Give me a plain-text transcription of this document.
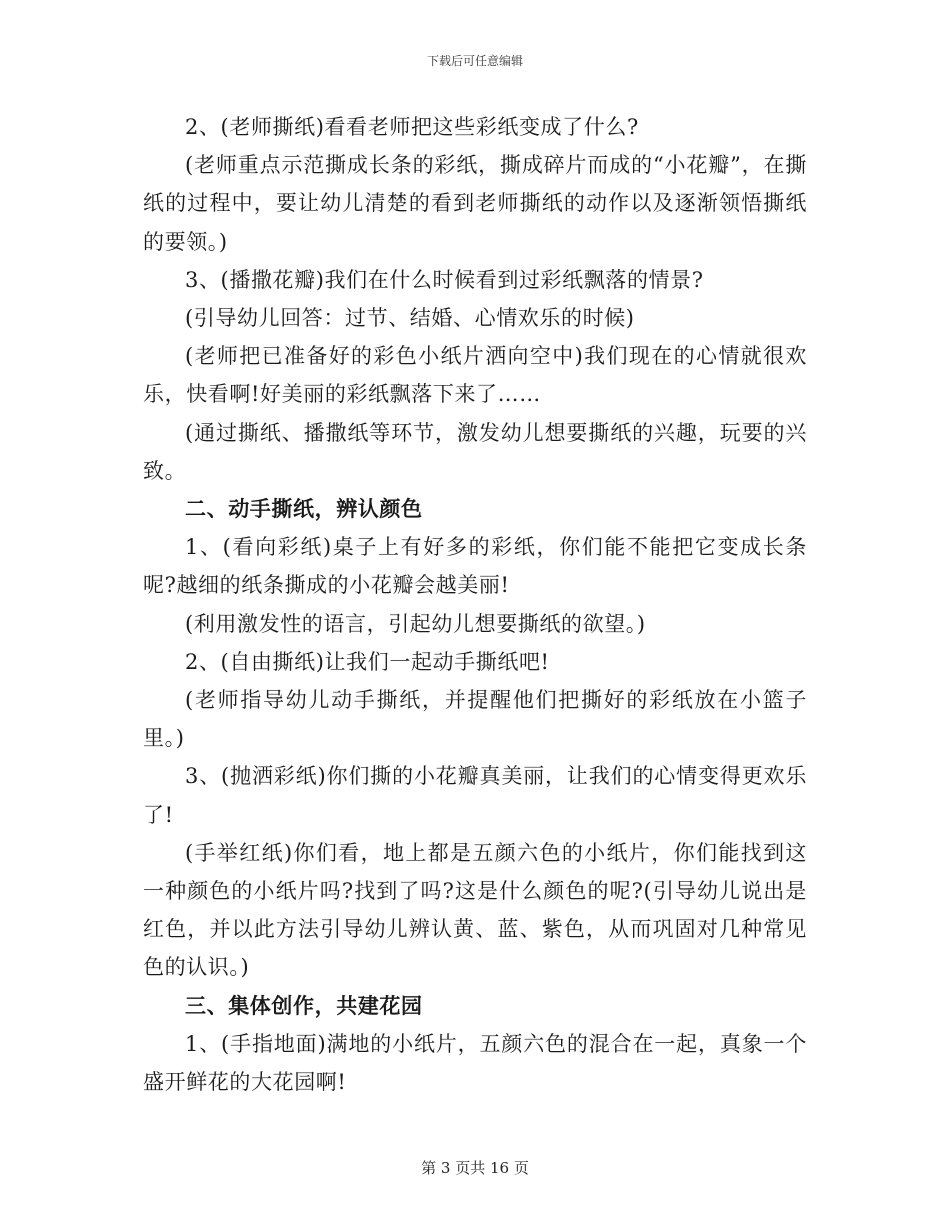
下载后可任意编辑

2、(老师撕纸)看看老师把这些彩纸变成了什么?

(老师重点示范撕成长条的彩纸，撕成碎片而成的“小花瓣”，在撕纸的过程中，要让幼儿清楚的看到老师撕纸的动作以及逐渐领悟撕纸的要领。)

3、(播撒花瓣)我们在什么时候看到过彩纸飘落的情景?

(引导幼儿回答：过节、结婚、心情欢乐的时候)

(老师把已准备好的彩色小纸片洒向空中)我们现在的心情就很欢乐，快看啊!好美丽的彩纸飘落下来了……

(通过撕纸、播撒纸等环节，激发幼儿想要撕纸的兴趣，玩要的兴致。

二、动手撕纸，辨认颜色

1、(看向彩纸)桌子上有好多的彩纸，你们能不能把它变成长条呢?越细的纸条撕成的小花瓣会越美丽!

(利用激发性的语言，引起幼儿想要撕纸的欲望。)

2、(自由撕纸)让我们一起动手撕纸吧!

(老师指导幼儿动手撕纸，并提醒他们把撕好的彩纸放在小篮子里。)

3、(抛洒彩纸)你们撕的小花瓣真美丽，让我们的心情变得更欢乐了!

(手举红纸)你们看，地上都是五颜六色的小纸片，你们能找到这一种颜色的小纸片吗?找到了吗?这是什么颜色的呢?(引导幼儿说出是红色，并以此方法引导幼儿辨认黄、蓝、紫色，从而巩固对几种常见色的认识。)

三、集体创作，共建花园

1、(手指地面)满地的小纸片，五颜六色的混合在一起，真象一个盛开鲜花的大花园啊!

第 3 页共 16 页
